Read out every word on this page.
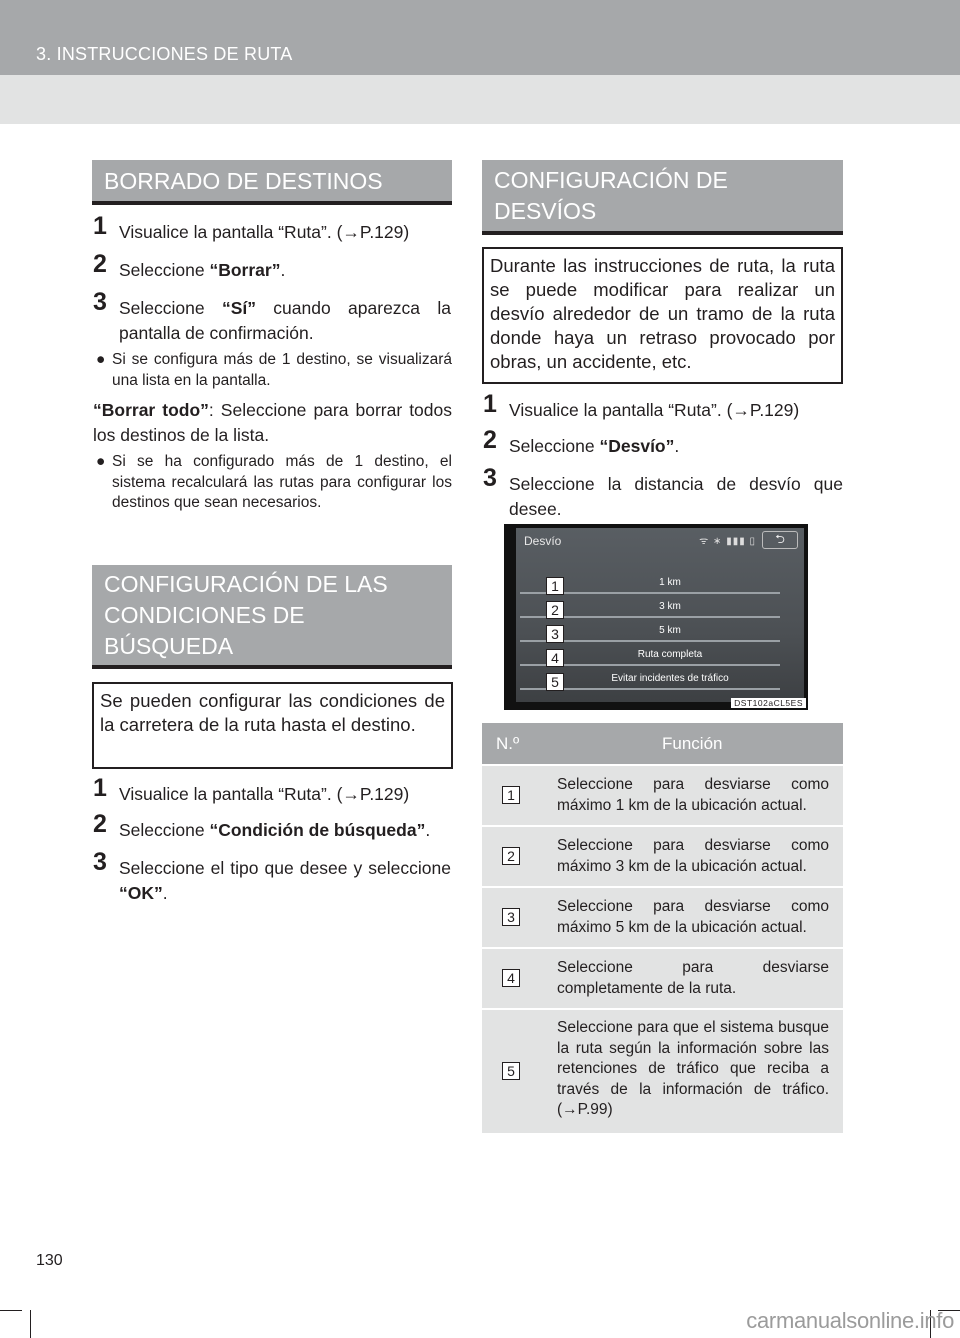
3. INSTRUCCIONES DE RUTA
BORRADO DE DESTINOS
1 Visualice la pantalla “Ruta”. (→P.129)
2 Seleccione “Borrar”.
3 Seleccione “Sí” cuando aparezca la pantalla de confirmación.
● Si se configura más de 1 destino, se visualizará una lista en la pantalla.
“Borrar todo”: Seleccione para borrar todos los destinos de la lista.
● Si se ha configurado más de 1 destino, el sistema recalculará las rutas para configurar los destinos que sean necesarios.
CONFIGURACIÓN DE LAS
CONDICIONES DE
BÚSQUEDA
Se pueden configurar las condiciones de la carretera de la ruta hasta el destino.
1 Visualice la pantalla “Ruta”. (→P.129)
2 Seleccione “Condición de búsqueda”.
3 Seleccione el tipo que desee y seleccione “OK”.
CONFIGURACIÓN DE
DESVÍOS
Durante las instrucciones de ruta, la ruta se puede modificar para realizar un desvío alrededor de un tramo de la ruta donde haya un retraso provocado por obras, un accidente, etc.
1 Visualice la pantalla “Ruta”. (→P.129)
2 Seleccione “Desvío”.
3 Seleccione la distancia de desvío que desee.
Desvío	ᯤ ∗ ▮▮▮ ▯	⮌
1 km
3 km
5 km
Ruta completa
Evitar incidentes de tráfico
1
2
3
4
5
DST102aCL5ES
N.º	Función
1
Seleccione para desviarse como máximo 1 km de la ubicación actual.
2
Seleccione para desviarse como máximo 3 km de la ubicación actual.
3
Seleccione para desviarse como máximo 5 km de la ubicación actual.
4
Seleccione para desviarse completamente de la ruta.
5
Seleccione para que el sistema busque la ruta según la información sobre las retenciones de tráfico que reciba a través de la información de tráfico. (→P.99)
130
carmanualsonline.info
